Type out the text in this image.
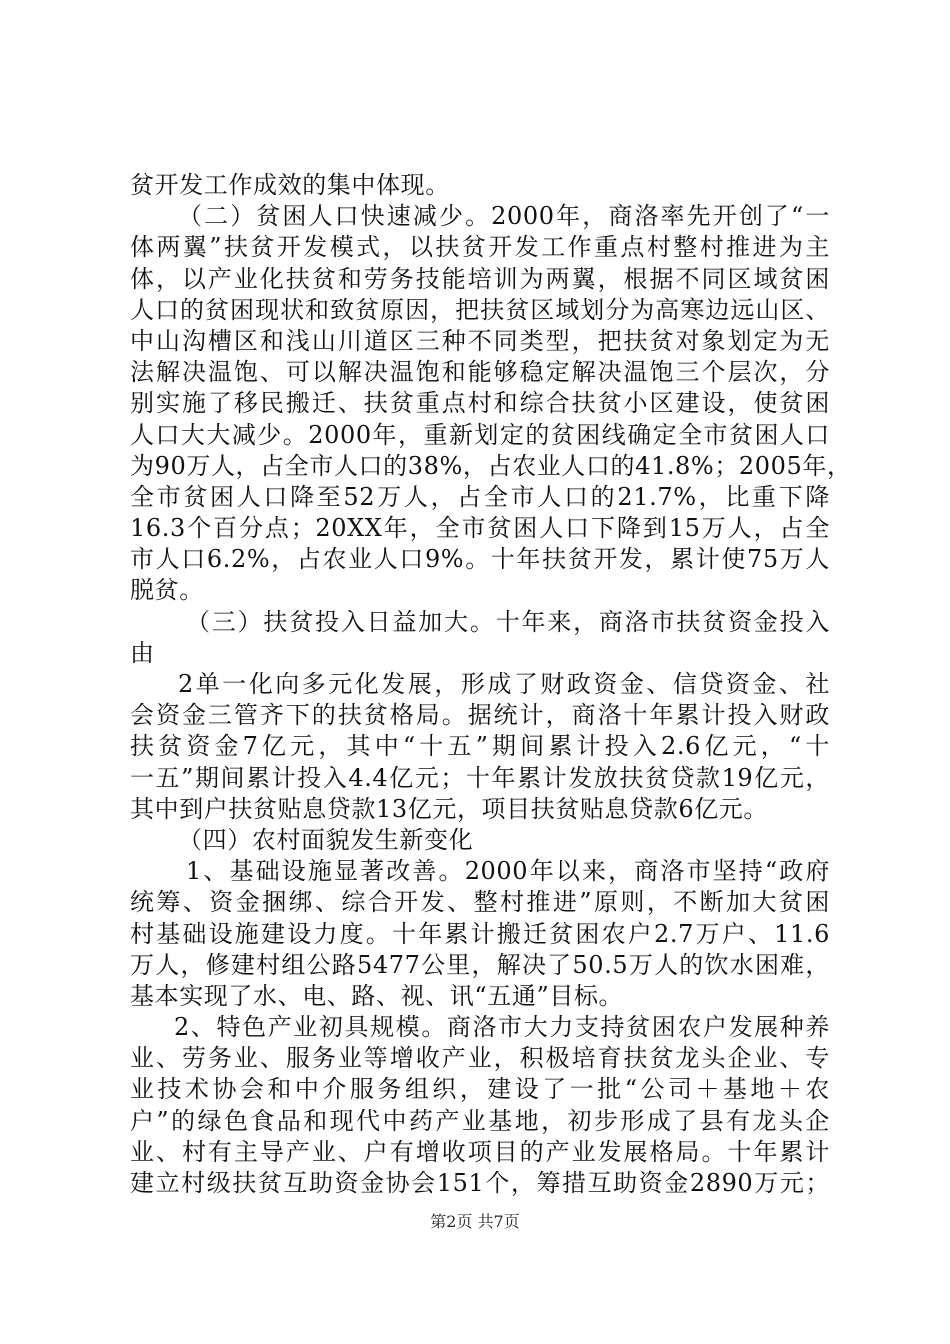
贫开发工作成效的集中体现。
（二）贫困人口快速减少。2000年，商洛率先开创了“一
体两翼”扶贫开发模式，以扶贫开发工作重点村整村推进为主
体，以产业化扶贫和劳务技能培训为两翼，根据不同区域贫困
人口的贫困现状和致贫原因，把扶贫区域划分为高寒边远山区、
中山沟槽区和浅山川道区三种不同类型，把扶贫对象划定为无
法解决温饱、可以解决温饱和能够稳定解决温饱三个层次，分
别实施了移民搬迁、扶贫重点村和综合扶贫小区建设，使贫困
人口大大减少。2000年，重新划定的贫困线确定全市贫困人口
为90万人，占全市人口的38%，占农业人口的41.8%；2005年，
全市贫困人口降至52万人，占全市人口的21.7%，比重下降
16.3个百分点；20XX年，全市贫困人口下降到15万人，占全
市人口6.2%，占农业人口9%。十年扶贫开发，累计使75万人
脱贫。
（三）扶贫投入日益加大。十年来，商洛市扶贫资金投入
由
2单一化向多元化发展，形成了财政资金、信贷资金、社
会资金三管齐下的扶贫格局。据统计，商洛十年累计投入财政
扶贫资金7亿元，其中“十五”期间累计投入2.6亿元，“十
一五”期间累计投入4.4亿元；十年累计发放扶贫贷款19亿元，
其中到户扶贫贴息贷款13亿元，项目扶贫贴息贷款6亿元。
（四）农村面貌发生新变化
1、基础设施显著改善。2000年以来，商洛市坚持“政府
统筹、资金捆绑、综合开发、整村推进”原则，不断加大贫困
村基础设施建设力度。十年累计搬迁贫困农户2.7万户、11.6
万人，修建村组公路5477公里，解决了50.5万人的饮水困难，
基本实现了水、电、路、视、讯“五通”目标。
2、特色产业初具规模。商洛市大力支持贫困农户发展种养
业、劳务业、服务业等增收产业，积极培育扶贫龙头企业、专
业技术协会和中介服务组织，建设了一批“公司＋基地＋农
户”的绿色食品和现代中药产业基地，初步形成了县有龙头企
业、村有主导产业、户有增收项目的产业发展格局。十年累计
建立村级扶贫互助资金协会151个，筹措互助资金2890万元；
第2页 共7页
